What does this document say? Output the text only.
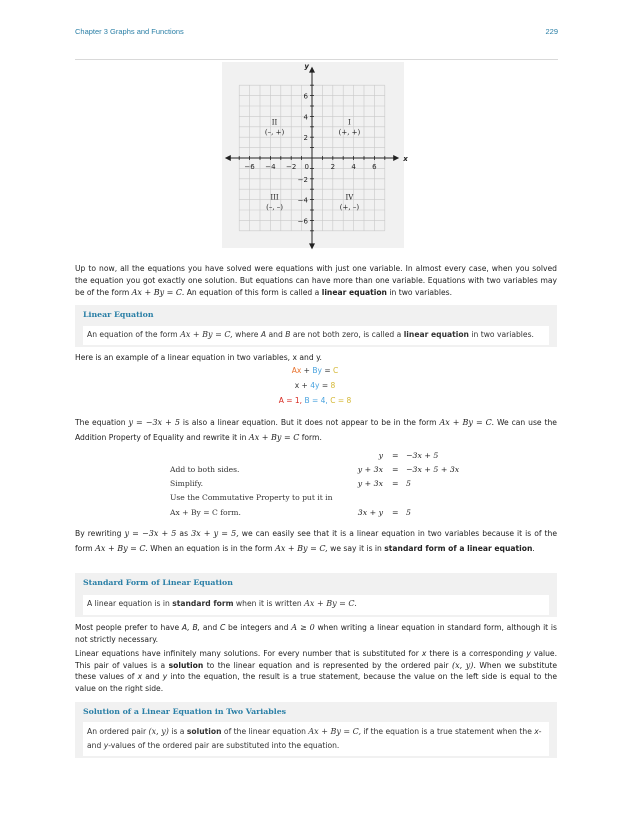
Chapter 3 Graphs and Functions	229
−6 −4 −2	2 4 6
6
4
2
−2
−4
−6
0
x
y
I
(+, +)
II
(–, +)
III
(–, –)
IV
(+, –)
Up to now, all the equations you have solved were equations with just one variable. In almost every case, when you solved the equation you got exactly one solution. But equations can have more than one variable. Equations with two variables may be of the form Ax + By = C. An equation of this form is called a linear equation in two variables.
Linear Equation
An equation of the form Ax + By = C, where A and B are not both zero, is called a linear equation in two variables.
Here is an example of a linear equation in two variables, x and y.
Ax + By = C
x + 4y = 8
A = 1, B = 4, C = 8
The equation y = −3x + 5 is also a linear equation. But it does not appear to be in the form Ax + By = C. We can use the Addition Property of Equality and rewrite it in Ax + By = C form.
y = −3x + 5
Add to both sides.	y + 3x = −3x + 5 + 3x
Simplify.	y + 3x = 5
Use the Commutative Property to put it in
Ax + By = C form.	3x + y = 5
By rewriting y = −3x + 5 as 3x + y = 5, we can easily see that it is a linear equation in two variables because it is of the form Ax + By = C. When an equation is in the form Ax + By = C, we say it is in standard form of a linear equation.
Standard Form of Linear Equation
A linear equation is in standard form when it is written Ax + By = C.
Most people prefer to have A, B, and C be integers and A ≥ 0 when writing a linear equation in standard form, although it is not strictly necessary.
Linear equations have infinitely many solutions. For every number that is substituted for x there is a corresponding y value. This pair of values is a solution to the linear equation and is represented by the ordered pair (x, y). When we substitute these values of x and y into the equation, the result is a true statement, because the value on the left side is equal to the value on the right side.
Solution of a Linear Equation in Two Variables
An ordered pair (x, y) is a solution of the linear equation Ax + By = C, if the equation is a true statement when the x- and y-values of the ordered pair are substituted into the equation.
